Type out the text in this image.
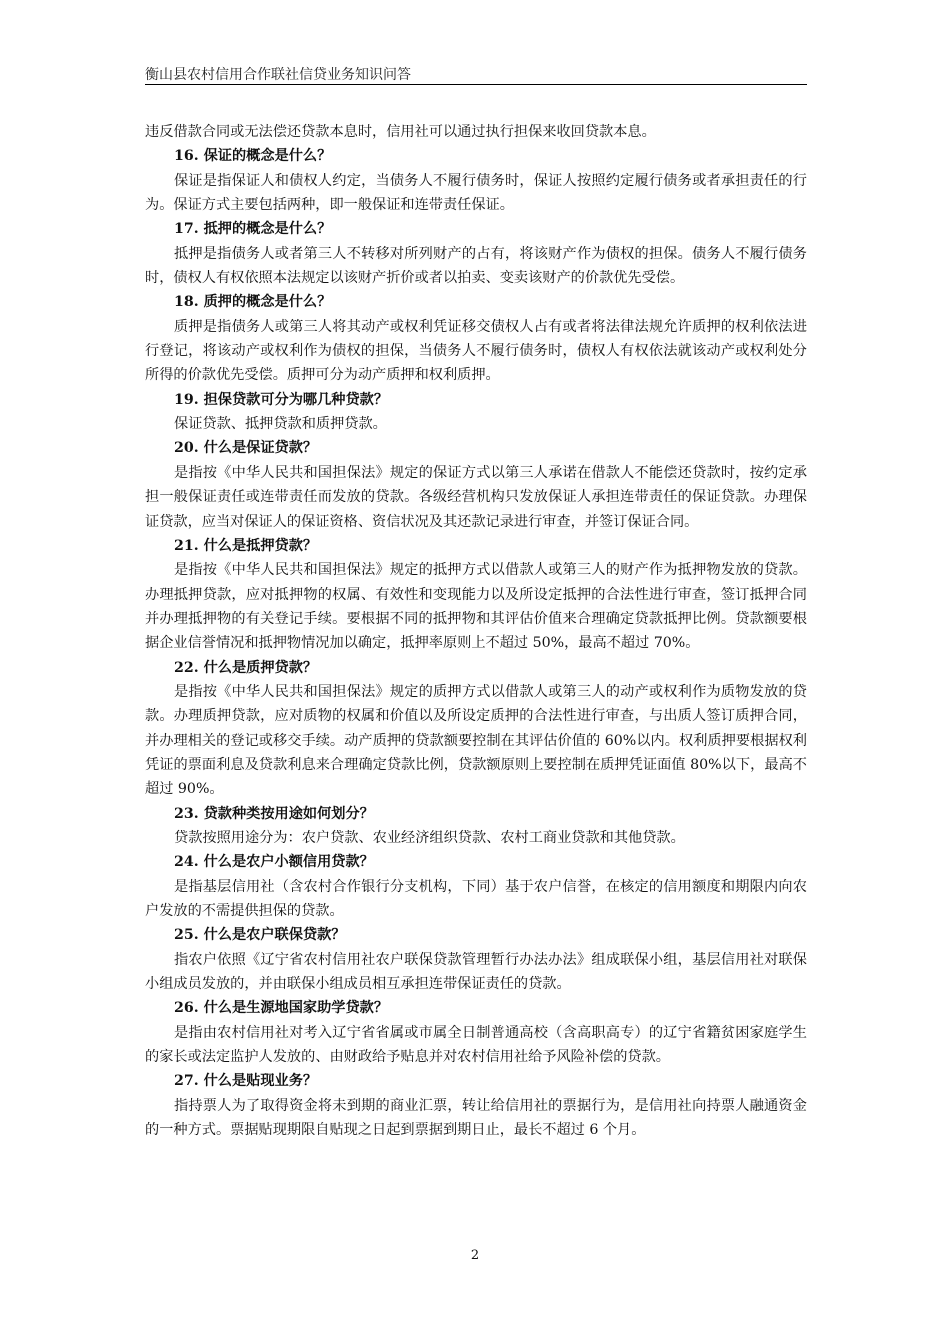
衡山县农村信用合作联社信贷业务知识问答

违反借款合同或无法偿还贷款本息时，信用社可以通过执行担保来收回贷款本息。

16. 保证的概念是什么？

保证是指保证人和债权人约定，当债务人不履行债务时，保证人按照约定履行债务或者承担责任的行为。保证方式主要包括两种，即一般保证和连带责任保证。

17. 抵押的概念是什么？

抵押是指债务人或者第三人不转移对所列财产的占有，将该财产作为债权的担保。债务人不履行债务时，债权人有权依照本法规定以该财产折价或者以拍卖、变卖该财产的价款优先受偿。

18. 质押的概念是什么？

质押是指债务人或第三人将其动产或权利凭证移交债权人占有或者将法律法规允许质押的权利依法进行登记，将该动产或权利作为债权的担保，当债务人不履行债务时，债权人有权依法就该动产或权利处分所得的价款优先受偿。质押可分为动产质押和权利质押。

19. 担保贷款可分为哪几种贷款？

保证贷款、抵押贷款和质押贷款。

20. 什么是保证贷款？

是指按《中华人民共和国担保法》规定的保证方式以第三人承诺在借款人不能偿还贷款时，按约定承担一般保证责任或连带责任而发放的贷款。各级经营机构只发放保证人承担连带责任的保证贷款。办理保证贷款，应当对保证人的保证资格、资信状况及其还款记录进行审查，并签订保证合同。

21. 什么是抵押贷款？

是指按《中华人民共和国担保法》规定的抵押方式以借款人或第三人的财产作为抵押物发放的贷款。办理抵押贷款，应对抵押物的权属、有效性和变现能力以及所设定抵押的合法性进行审查，签订抵押合同并办理抵押物的有关登记手续。要根据不同的抵押物和其评估价值来合理确定贷款抵押比例。贷款额要根据企业信誉情况和抵押物情况加以确定，抵押率原则上不超过 50%，最高不超过 70%。

22. 什么是质押贷款？

是指按《中华人民共和国担保法》规定的质押方式以借款人或第三人的动产或权利作为质物发放的贷款。办理质押贷款，应对质物的权属和价值以及所设定质押的合法性进行审查，与出质人签订质押合同，并办理相关的登记或移交手续。动产质押的贷款额要控制在其评估价值的 60%以内。权利质押要根据权利凭证的票面利息及贷款利息来合理确定贷款比例，贷款额原则上要控制在质押凭证面值 80%以下，最高不超过 90%。

23. 贷款种类按用途如何划分？

贷款按照用途分为：农户贷款、农业经济组织贷款、农村工商业贷款和其他贷款。

24. 什么是农户小额信用贷款？

是指基层信用社（含农村合作银行分支机构，下同）基于农户信誉，在核定的信用额度和期限内向农户发放的不需提供担保的贷款。

25. 什么是农户联保贷款？

指农户依照《辽宁省农村信用社农户联保贷款管理暂行办法办法》组成联保小组，基层信用社对联保小组成员发放的，并由联保小组成员相互承担连带保证责任的贷款。

26. 什么是生源地国家助学贷款？

是指由农村信用社对考入辽宁省省属或市属全日制普通高校（含高职高专）的辽宁省籍贫困家庭学生的家长或法定监护人发放的、由财政给予贴息并对农村信用社给予风险补偿的贷款。

27. 什么是贴现业务？

指持票人为了取得资金将未到期的商业汇票，转让给信用社的票据行为，是信用社向持票人融通资金的一种方式。票据贴现期限自贴现之日起到票据到期日止，最长不超过 6 个月。

2
